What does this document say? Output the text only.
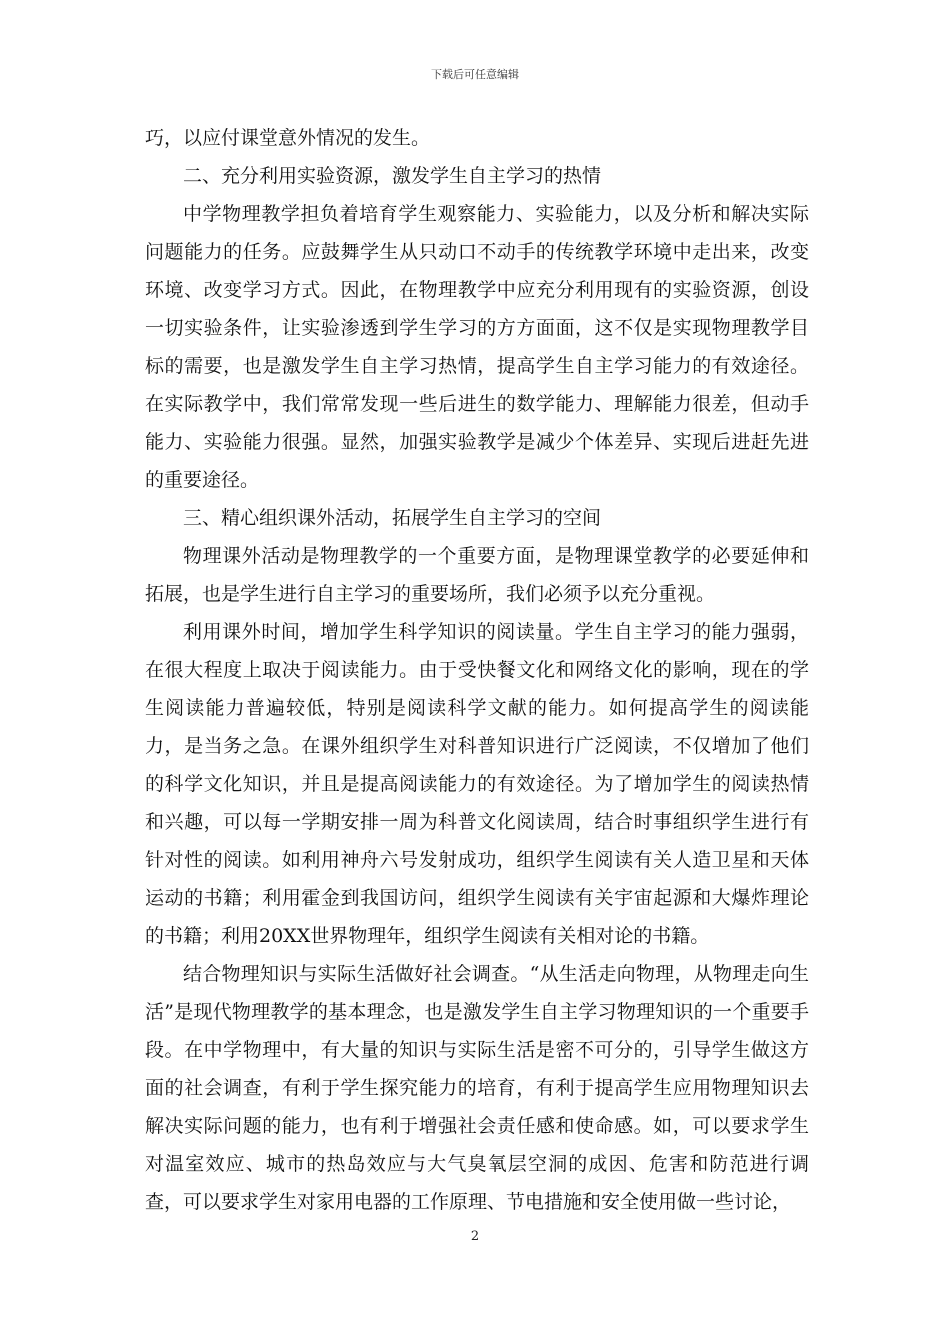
下载后可任意编辑

巧，以应付课堂意外情况的发生。

二、充分利用实验资源，激发学生自主学习的热情

中学物理教学担负着培育学生观察能力、实验能力，以及分析和解决实际问题能力的任务。应鼓舞学生从只动口不动手的传统教学环境中走出来，改变环境、改变学习方式。因此，在物理教学中应充分利用现有的实验资源，创设一切实验条件，让实验渗透到学生学习的方方面面，这不仅是实现物理教学目标的需要，也是激发学生自主学习热情，提高学生自主学习能力的有效途径。在实际教学中，我们常常发现一些后进生的数学能力、理解能力很差，但动手能力、实验能力很强。显然，加强实验教学是减少个体差异、实现后进赶先进的重要途径。

三、精心组织课外活动，拓展学生自主学习的空间

物理课外活动是物理教学的一个重要方面，是物理课堂教学的必要延伸和拓展，也是学生进行自主学习的重要场所，我们必须予以充分重视。

利用课外时间，增加学生科学知识的阅读量。学生自主学习的能力强弱，在很大程度上取决于阅读能力。由于受快餐文化和网络文化的影响，现在的学生阅读能力普遍较低，特别是阅读科学文献的能力。如何提高学生的阅读能力，是当务之急。在课外组织学生对科普知识进行广泛阅读，不仅增加了他们的科学文化知识，并且是提高阅读能力的有效途径。为了增加学生的阅读热情和兴趣，可以每一学期安排一周为科普文化阅读周，结合时事组织学生进行有针对性的阅读。如利用神舟六号发射成功，组织学生阅读有关人造卫星和天体运动的书籍；利用霍金到我国访问，组织学生阅读有关宇宙起源和大爆炸理论的书籍；利用20XX世界物理年，组织学生阅读有关相对论的书籍。

结合物理知识与实际生活做好社会调查。“从生活走向物理，从物理走向生活”是现代物理教学的基本理念，也是激发学生自主学习物理知识的一个重要手段。在中学物理中，有大量的知识与实际生活是密不可分的，引导学生做这方面的社会调查，有利于学生探究能力的培育，有利于提高学生应用物理知识去解决实际问题的能力，也有利于增强社会责任感和使命感。如，可以要求学生对温室效应、城市的热岛效应与大气臭氧层空洞的成因、危害和防范进行调查，可以要求学生对家用电器的工作原理、节电措施和安全使用做一些讨论，

2
